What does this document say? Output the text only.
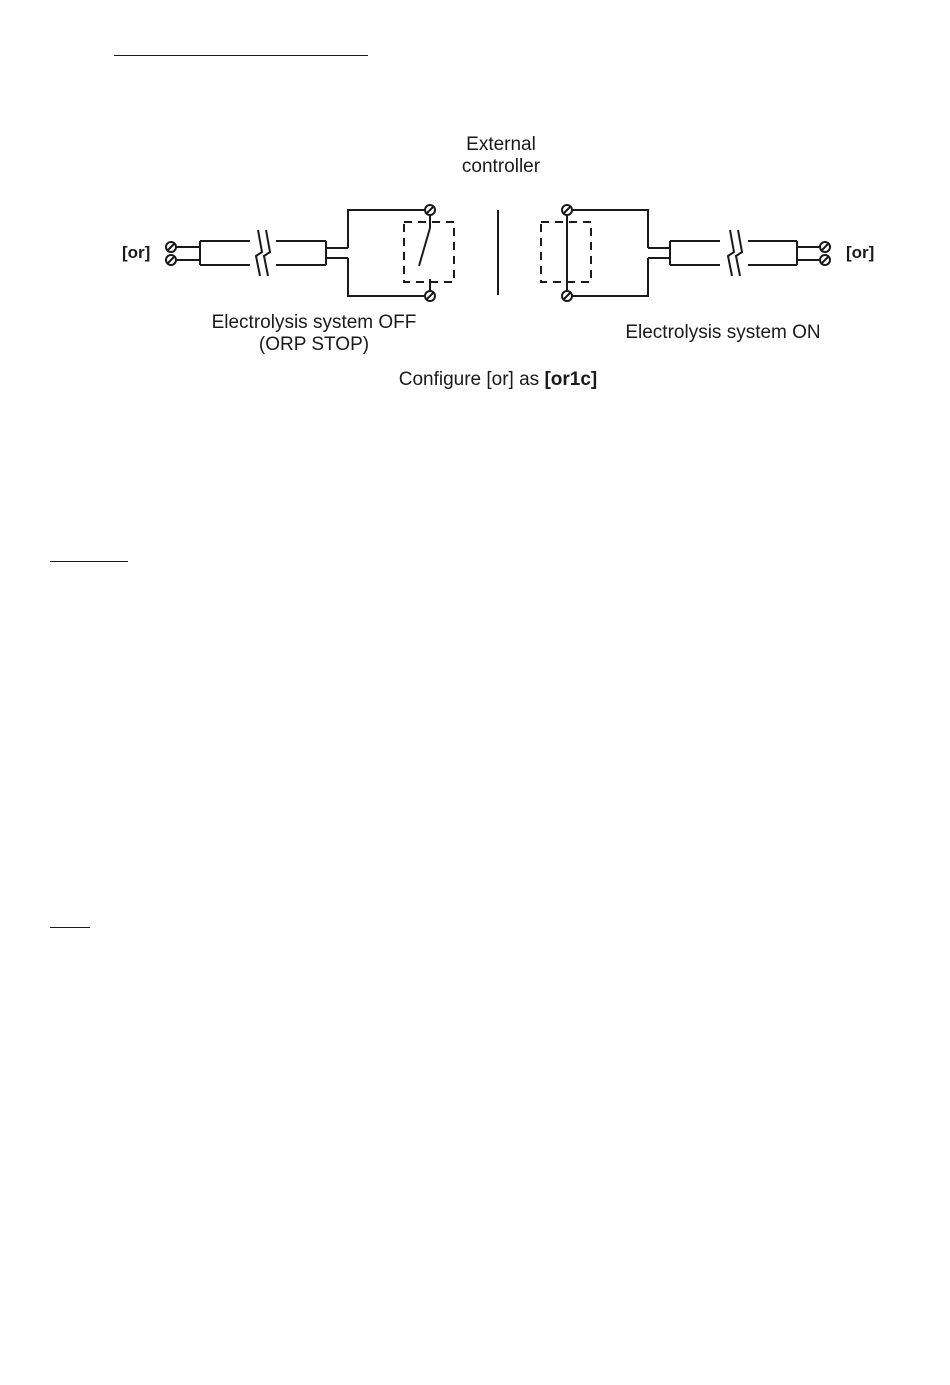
External
controller
[or]	[or]
Electrolysis system OFF
(ORP STOP)
Electrolysis system ON
Configure [or] as [or1c]
